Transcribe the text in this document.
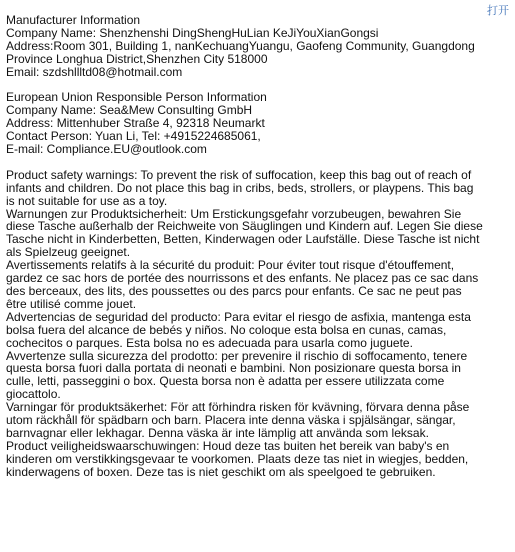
打开
Manufacturer Information
Company Name: Shenzhenshi DingShengHuLian KeJiYouXianGongsi
Address:Room 301, Building 1, nanKechuangYuangu, Gaofeng Community, Guangdong Province Longhua District,Shenzhen City 518000
Email: szdshllltd08@hotmail.com
European Union Responsible Person Information
Company Name: Sea&Mew Consulting GmbH
Address: Mittenhuber Straße 4, 92318 Neumarkt
Contact Person: Yuan Li, Tel: +4915224685061,
E-mail: Compliance.EU@outlook.com
Product safety warnings: To prevent the risk of suffocation, keep this bag out of reach of infants and children. Do not place this bag in cribs, beds, strollers, or playpens. This bag is not suitable for use as a toy.
Warnungen zur Produktsicherheit: Um Erstickungsgefahr vorzubeugen, bewahren Sie diese Tasche außerhalb der Reichweite von Säuglingen und Kindern auf. Legen Sie diese Tasche nicht in Kinderbetten, Betten, Kinderwagen oder Laufställe. Diese Tasche ist nicht als Spielzeug geeignet.
Avertissements relatifs à la sécurité du produit: Pour éviter tout risque d'étouffement, gardez ce sac hors de portée des nourrissons et des enfants. Ne placez pas ce sac dans des berceaux, des lits, des poussettes ou des parcs pour enfants. Ce sac ne peut pas être utilisé comme jouet.
Advertencias de seguridad del producto: Para evitar el riesgo de asfixia, mantenga esta bolsa fuera del alcance de bebés y niños. No coloque esta bolsa en cunas, camas, cochecitos o parques. Esta bolsa no es adecuada para usarla como juguete.
Avvertenze sulla sicurezza del prodotto: per prevenire il rischio di soffocamento, tenere questa borsa fuori dalla portata di neonati e bambini. Non posizionare questa borsa in culle, letti, passeggini o box. Questa borsa non è adatta per essere utilizzata come giocattolo.
Varningar för produktsäkerhet: För att förhindra risken för kvävning, förvara denna påse utom räckhåll för spädbarn och barn. Placera inte denna väska i spjälsängar, sängar, barnvagnar eller lekhagar. Denna väska är inte lämplig att använda som leksak.
Product veiligheidswaarschuwingen: Houd deze tas buiten het bereik van baby's en kinderen om verstikkingsgevaar te voorkomen. Plaats deze tas niet in wiegjes, bedden, kinderwagens of boxen. Deze tas is niet geschikt om als speelgoed te gebruiken.
